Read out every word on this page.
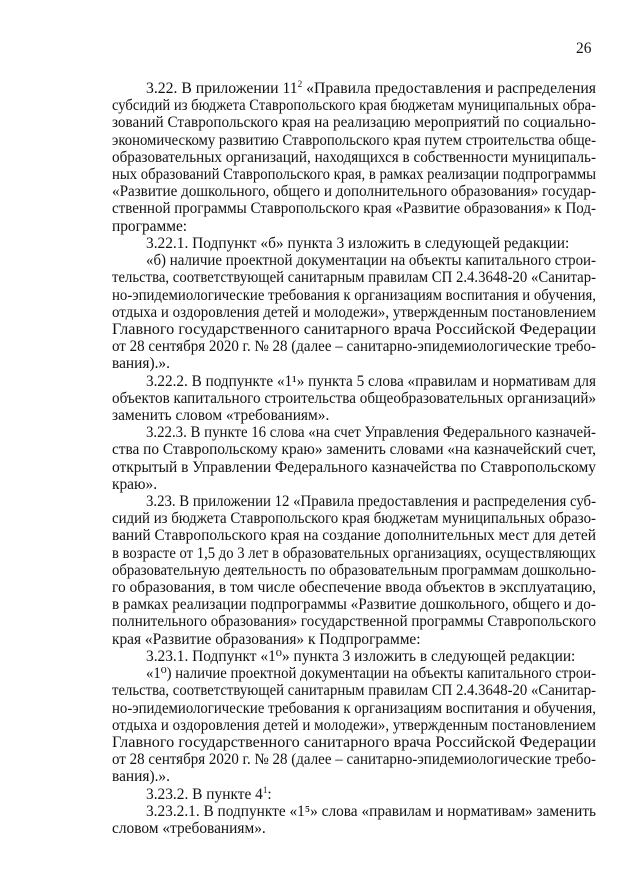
26

3.22. В приложении $11^2$ «Правила предоставления и распределения

субсидий из бюджета Ставропольского края бюджетам муниципальных обра-

зований Ставропольского края на реализацию мероприятий по социально-

экономическому развитию Ставропольского края путем строительства обще-

образовательных организаций, находящихся в собственности муниципаль-

ных образований Ставропольского края, в рамках реализации подпрограммы

«Развитие дошкольного, общего и дополнительного образования» государ-

ственной программы Ставропольского края «Развитие образования» к Под-

программе:

3.22.1. Подпункт «б» пункта 3 изложить в следующей редакции:

«б) наличие проектной документации на объекты капитального строи-

тельства, соответствующей санитарным правилам СП 2.4.3648-20 «Санитар-

но-эпидемиологические требования к организациям воспитания и обучения,

отдыха и оздоровления детей и молодежи», утвержденным постановлением

Главного государственного санитарного врача Российской Федерации

от 28 сентября 2020 г. № 28 (далее – санитарно-эпидемиологические требо-

вания).».

3.22.2. В подпункте «1¹» пункта 5 слова «правилам и нормативам для

объектов капитального строительства общеобразовательных организаций»

заменить словом «требованиям».

3.22.3. В пункте 16 слова «на счет Управления Федерального казначей-

ства по Ставропольскому краю» заменить словами «на казначейский счет,

открытый в Управлении Федерального казначейства по Ставропольскому

краю».

3.23. В приложении 12 «Правила предоставления и распределения суб-

сидий из бюджета Ставропольского края бюджетам муниципальных образо-

ваний Ставропольского края на создание дополнительных мест для детей

в возрасте от 1,5 до 3 лет в образовательных организациях, осуществляющих

образовательную деятельность по образовательным программам дошкольно-

го образования, в том числе обеспечение ввода объектов в эксплуатацию,

в рамках реализации подпрограммы «Развитие дошкольного, общего и до-

полнительного образования» государственной программы Ставропольского

края «Развитие образования» к Подпрограмме:

3.23.1. Подпункт «1⁰» пункта 3 изложить в следующей редакции:

«1⁰) наличие проектной документации на объекты капитального строи-

тельства, соответствующей санитарным правилам СП 2.4.3648-20 «Санитар-

но-эпидемиологические требования к организациям воспитания и обучения,

отдыха и оздоровления детей и молодежи», утвержденным постановлением

Главного государственного санитарного врача Российской Федерации

от 28 сентября 2020 г. № 28 (далее – санитарно-эпидемиологические требо-

вания).».

3.23.2. В пункте $4^1$:

3.23.2.1. В подпункте «1⁵» слова «правилам и нормативам» заменить

словом «требованиям».
